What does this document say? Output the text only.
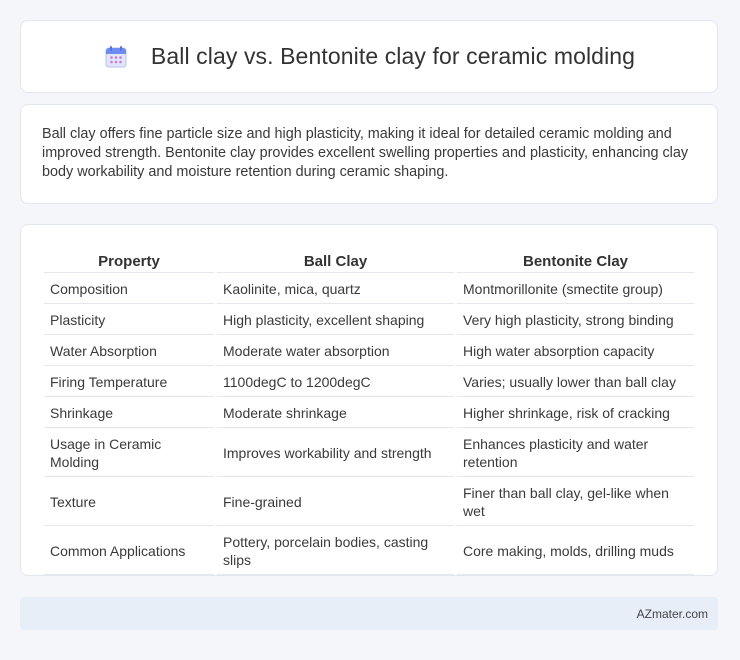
Ball clay vs. Bentonite clay for ceramic molding

Ball clay offers fine particle size and high plasticity, making it ideal for detailed ceramic molding and improved strength. Bentonite clay provides excellent swelling properties and plasticity, enhancing clay body workability and moisture retention during ceramic shaping.

Property	Ball Clay	Bentonite Clay
Composition	Kaolinite, mica, quartz	Montmorillonite (smectite group)
Plasticity	High plasticity, excellent shaping	Very high plasticity, strong binding
Water Absorption	Moderate water absorption	High water absorption capacity
Firing Temperature	1100degC to 1200degC	Varies; usually lower than ball clay
Shrinkage	Moderate shrinkage	Higher shrinkage, risk of cracking
Usage in Ceramic Molding	Improves workability and strength	Enhances plasticity and water retention
Texture	Fine-grained	Finer than ball clay, gel-like when wet
Common Applications	Pottery, porcelain bodies, casting slips	Core making, molds, drilling muds
AZmater.com
